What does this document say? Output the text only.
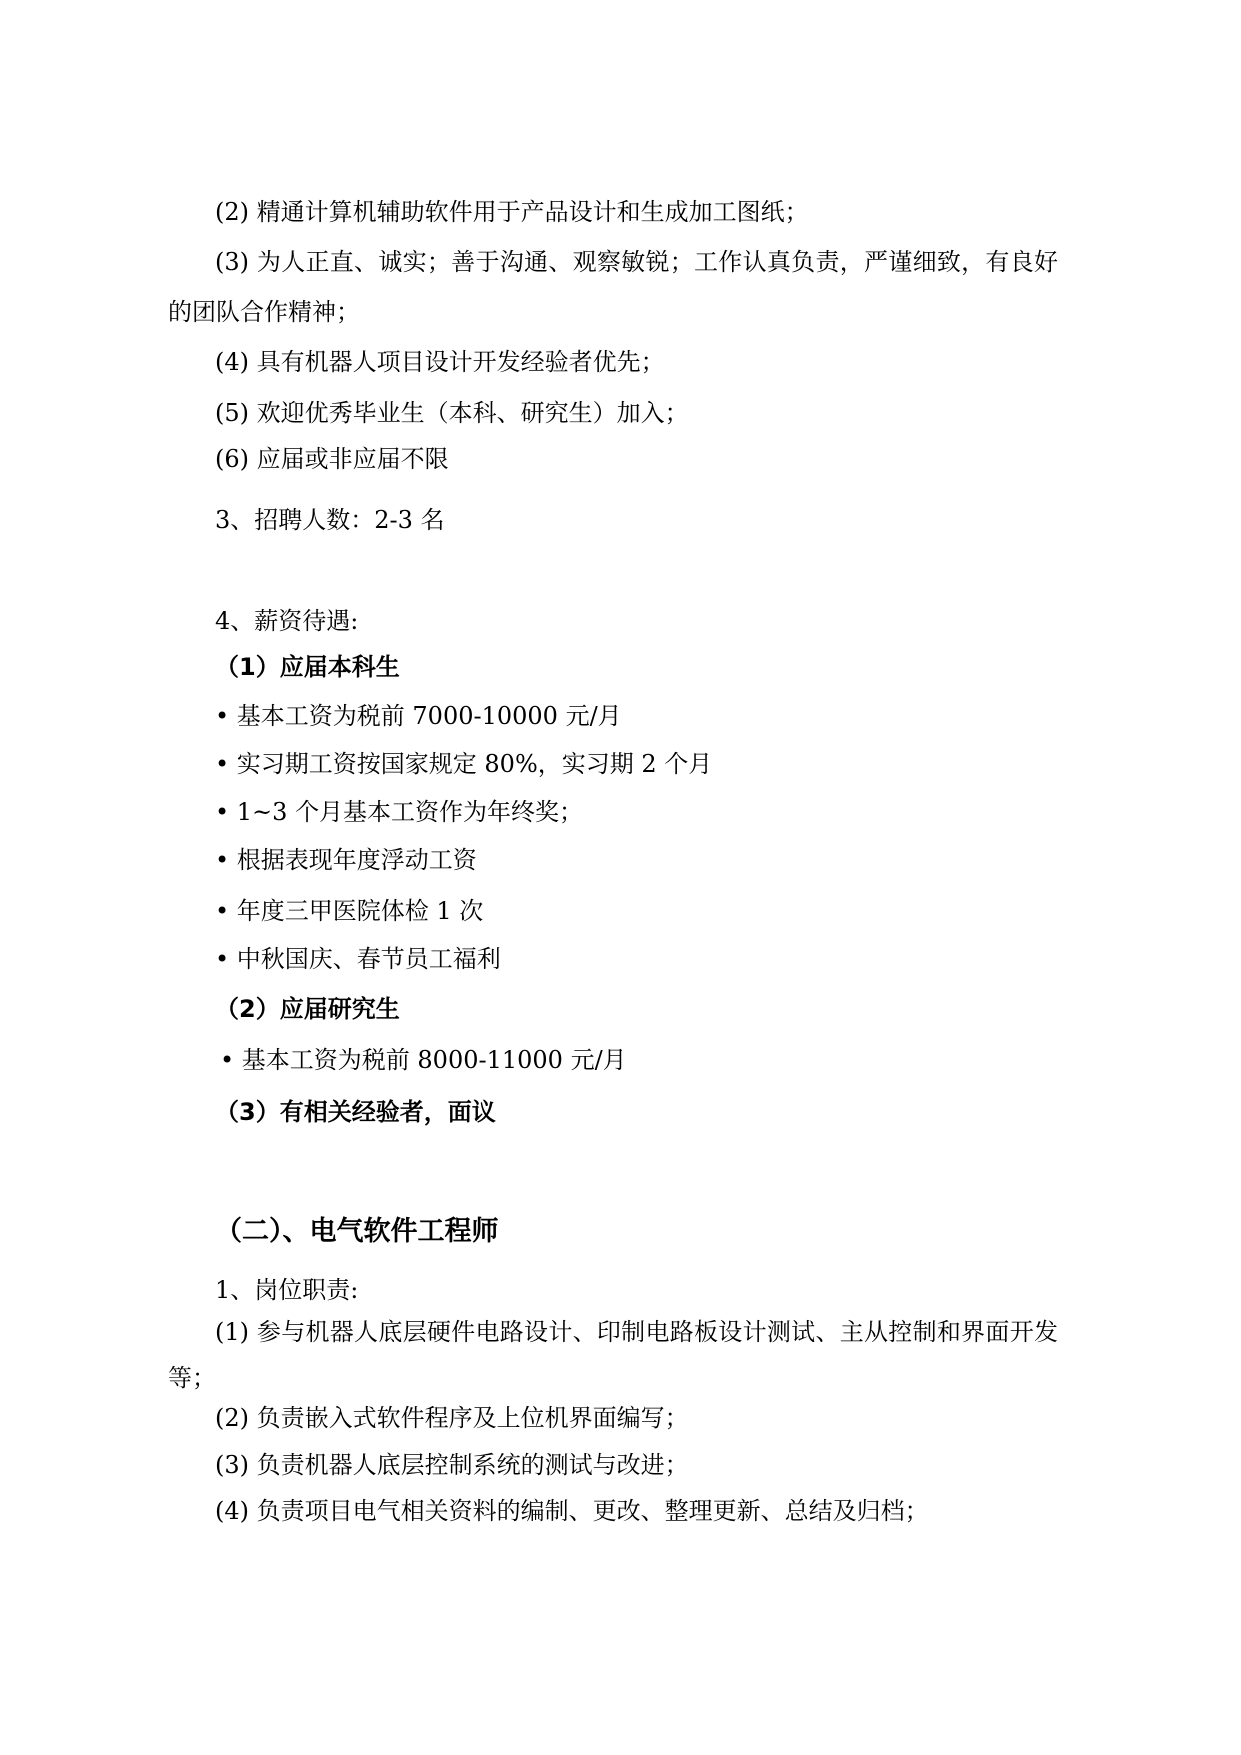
(2) 精通计算机辅助软件用于产品设计和生成加工图纸；

(3) 为人正直、诚实；善于沟通、观察敏锐；工作认真负责，严谨细致，有良好的团队合作精神；

(4) 具有机器人项目设计开发经验者优先；

(5) 欢迎优秀毕业生（本科、研究生）加入；

(6) 应届或非应届不限

3、招聘人数：2-3 名

4、薪资待遇:

（1）应届本科生

• 基本工资为税前 7000-10000 元/月

• 实习期工资按国家规定 80%，实习期 2 个月

• 1~3 个月基本工资作为年终奖；

• 根据表现年度浮动工资

• 年度三甲医院体检 1 次

• 中秋国庆、春节员工福利

（2）应届研究生

• 基本工资为税前 8000-11000 元/月

（3）有相关经验者，面议

（二）、电气软件工程师

1、岗位职责:

(1) 参与机器人底层硬件电路设计、印制电路板设计测试、主从控制和界面开发等；

(2) 负责嵌入式软件程序及上位机界面编写；

(3) 负责机器人底层控制系统的测试与改进；

(4) 负责项目电气相关资料的编制、更改、整理更新、总结及归档；
